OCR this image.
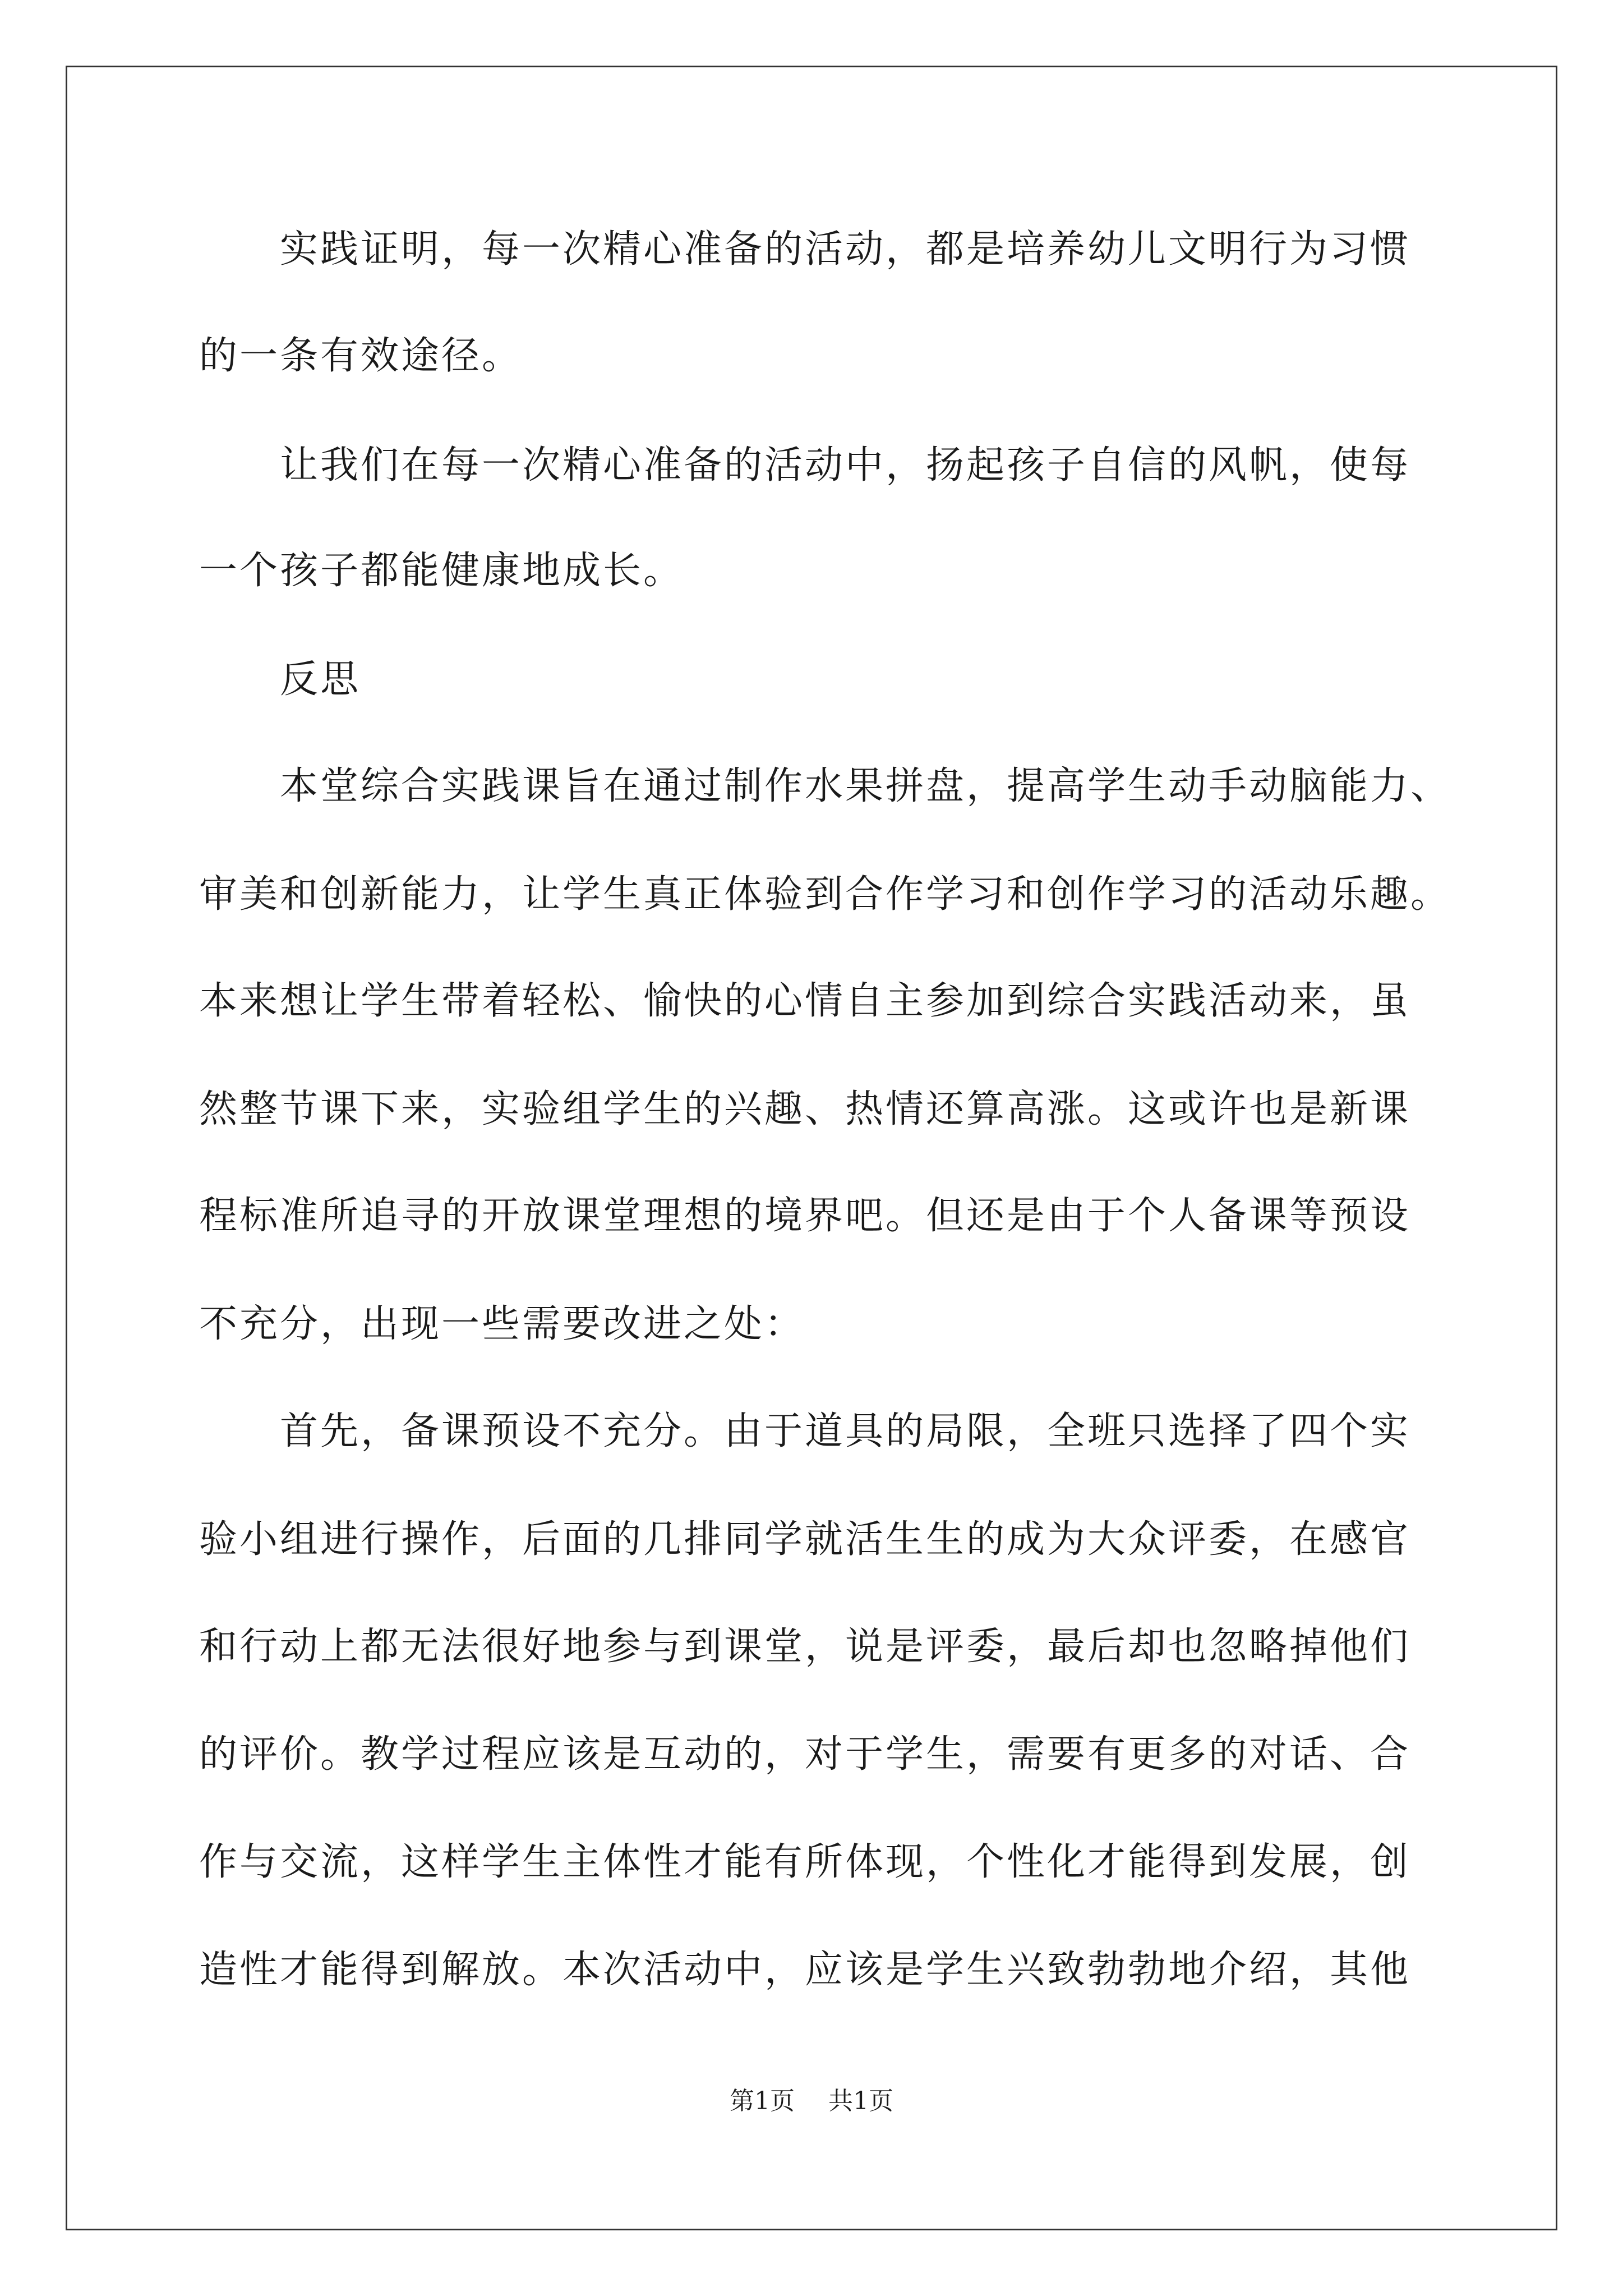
　　实践证明，每一次精心准备的活动，都是培养幼儿文明行为习惯
的一条有效途径。
　　让我们在每一次精心准备的活动中，扬起孩子自信的风帆，使每
一个孩子都能健康地成长。
　　反思
　　本堂综合实践课旨在通过制作水果拼盘，提高学生动手动脑能力、
审美和创新能力，让学生真正体验到合作学习和创作学习的活动乐趣。
本来想让学生带着轻松、愉快的心情自主参加到综合实践活动来，虽
然整节课下来，实验组学生的兴趣、热情还算高涨。这或许也是新课
程标准所追寻的开放课堂理想的境界吧。但还是由于个人备课等预设
不充分，出现一些需要改进之处：
　　首先，备课预设不充分。由于道具的局限，全班只选择了四个实
验小组进行操作，后面的几排同学就活生生的成为大众评委，在感官
和行动上都无法很好地参与到课堂，说是评委，最后却也忽略掉他们
的评价。教学过程应该是互动的，对于学生，需要有更多的对话、合
作与交流，这样学生主体性才能有所体现，个性化才能得到发展，创
造性才能得到解放。本次活动中，应该是学生兴致勃勃地介绍，其他
第1页 共1页
